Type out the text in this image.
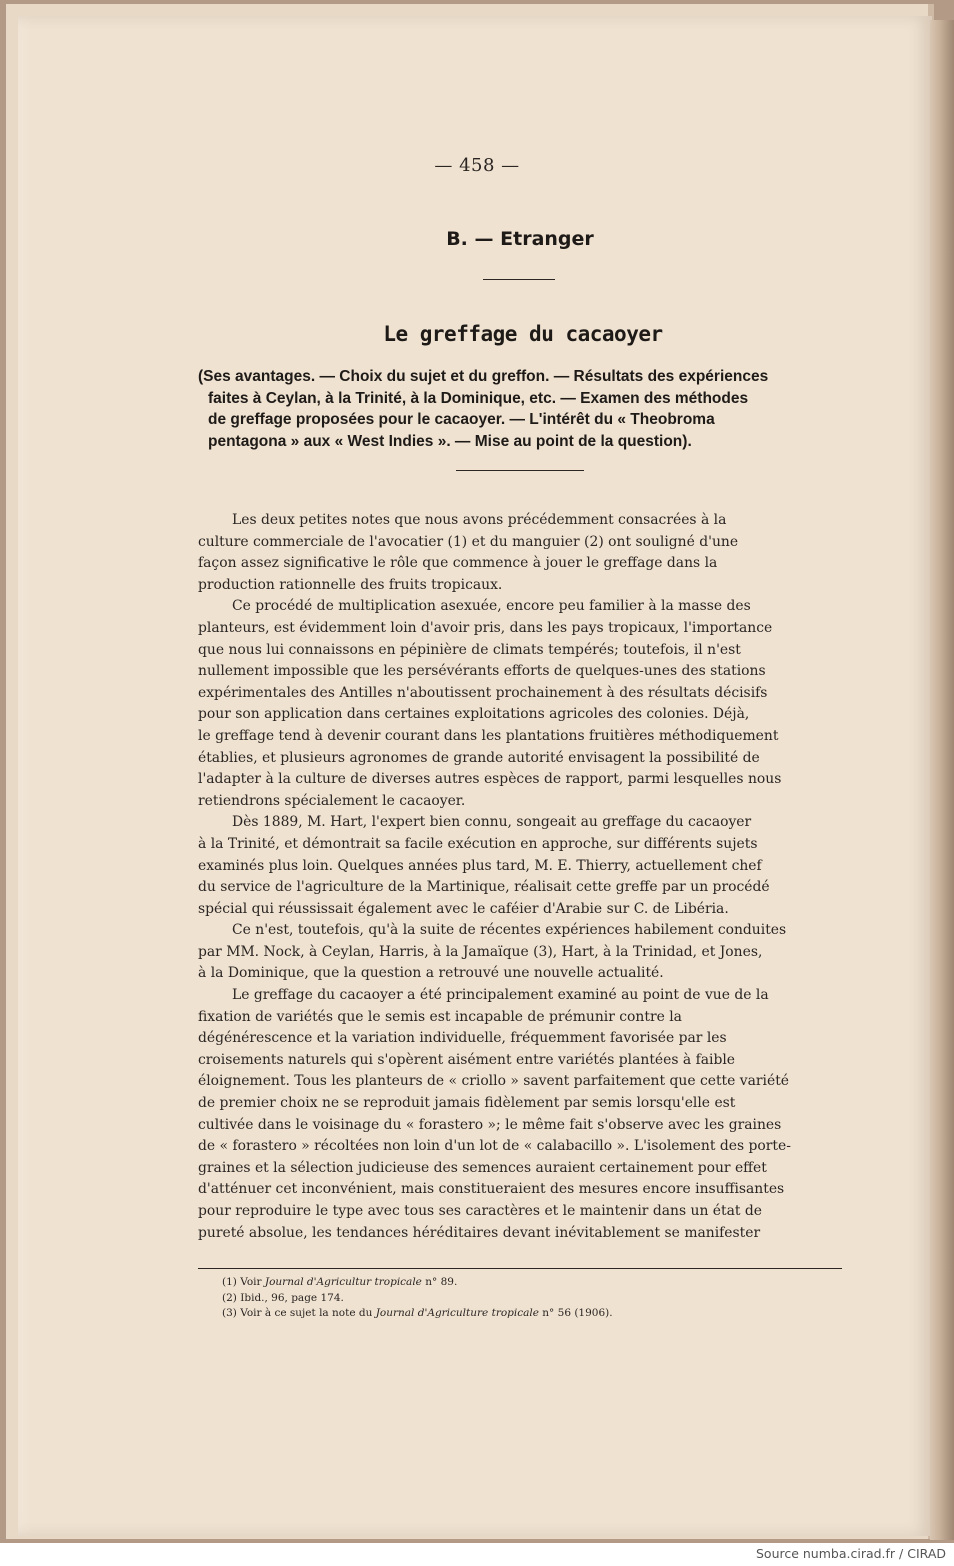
— 458 —
B. — Etranger
Le greffage du cacaoyer
(Ses avantages. — Choix du sujet et du greffon. — Résultats des expériences
faites à Ceylan, à la Trinité, à la Dominique, etc. — Examen des méthodes
de greffage proposées pour le cacaoyer. — L'intérêt du « Theobroma
pentagona » aux « West Indies ». — Mise au point de la question).
Les deux petites notes que nous avons précédemment consacrées à la
culture commerciale de l'avocatier (1) et du manguier (2) ont souligné d'une
façon assez significative le rôle que commence à jouer le greffage dans la
production rationnelle des fruits tropicaux.
Ce procédé de multiplication asexuée, encore peu familier à la masse des
planteurs, est évidemment loin d'avoir pris, dans les pays tropicaux, l'importance
que nous lui connaissons en pépinière de climats tempérés; toutefois, il n'est
nullement impossible que les persévérants efforts de quelques-unes des stations
expérimentales des Antilles n'aboutissent prochainement à des résultats décisifs
pour son application dans certaines exploitations agricoles des colonies. Déjà,
le greffage tend à devenir courant dans les plantations fruitières méthodiquement
établies, et plusieurs agronomes de grande autorité envisagent la possibilité de
l'adapter à la culture de diverses autres espèces de rapport, parmi lesquelles nous
retiendrons spécialement le cacaoyer.
Dès 1889, M. Hart, l'expert bien connu, songeait au greffage du cacaoyer
à la Trinité, et démontrait sa facile exécution en approche, sur différents sujets
examinés plus loin. Quelques années plus tard, M. E. Thierry, actuellement chef
du service de l'agriculture de la Martinique, réalisait cette greffe par un procédé
spécial qui réussissait également avec le caféier d'Arabie sur C. de Libéria.
Ce n'est, toutefois, qu'à la suite de récentes expériences habilement conduites
par MM. Nock, à Ceylan, Harris, à la Jamaïque (3), Hart, à la Trinidad, et Jones,
à la Dominique, que la question a retrouvé une nouvelle actualité.
Le greffage du cacaoyer a été principalement examiné au point de vue de la
fixation de variétés que le semis est incapable de prémunir contre la
dégénérescence et la variation individuelle, fréquemment favorisée par les
croisements naturels qui s'opèrent aisément entre variétés plantées à faible
éloignement. Tous les planteurs de « criollo » savent parfaitement que cette variété
de premier choix ne se reproduit jamais fidèlement par semis lorsqu'elle est
cultivée dans le voisinage du « forastero »; le même fait s'observe avec les graines
de « forastero » récoltées non loin d'un lot de « calabacillo ». L'isolement des porte-
graines et la sélection judicieuse des semences auraient certainement pour effet
d'atténuer cet inconvénient, mais constitueraient des mesures encore insuffisantes
pour reproduire le type avec tous ses caractères et le maintenir dans un état de
pureté absolue, les tendances héréditaires devant inévitablement se manifester
(1) Voir Journal d'Agricultur tropicale n° 89.
(2) Ibid., 96, page 174.
(3) Voir à ce sujet la note du Journal d'Agriculture tropicale n° 56 (1906).
Source numba.cirad.fr / CIRAD
